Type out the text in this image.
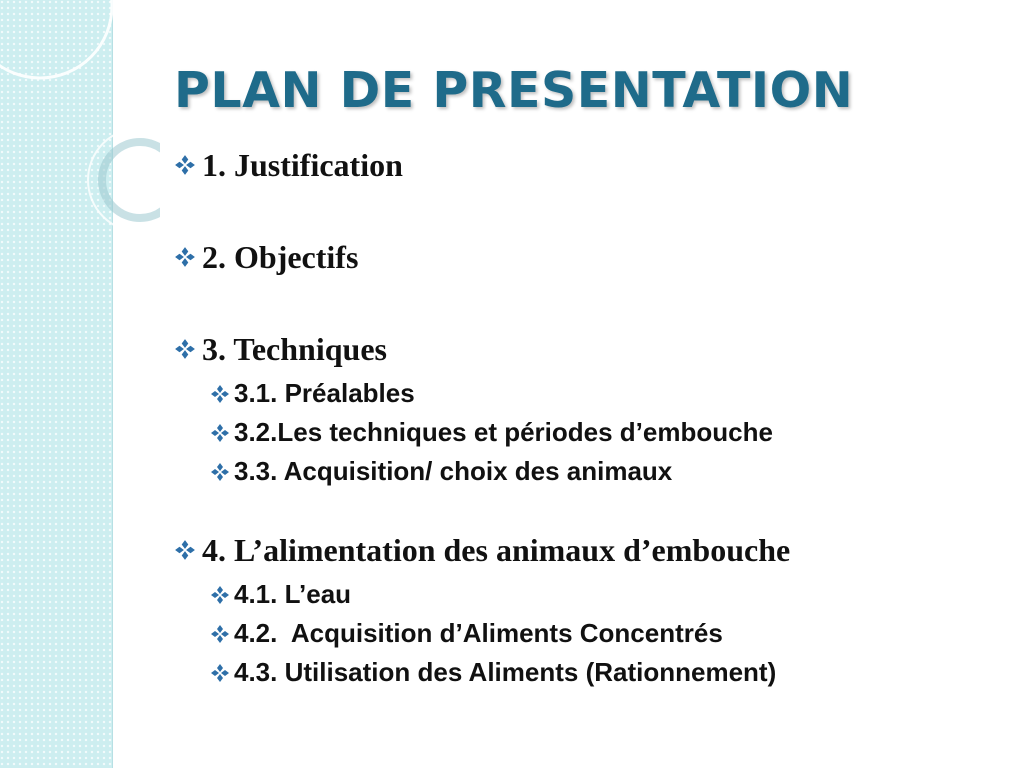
PLAN DE PRESENTATION
1. Justification
2. Objectifs
3. Techniques
3.1. Préalables
3.2.Les techniques et périodes d’embouche
3.3. Acquisition/ choix des animaux
4. L’alimentation des animaux d’embouche
4.1. L’eau
4.2.  Acquisition d’Aliments Concentrés
4.3. Utilisation des Aliments (Rationnement)
